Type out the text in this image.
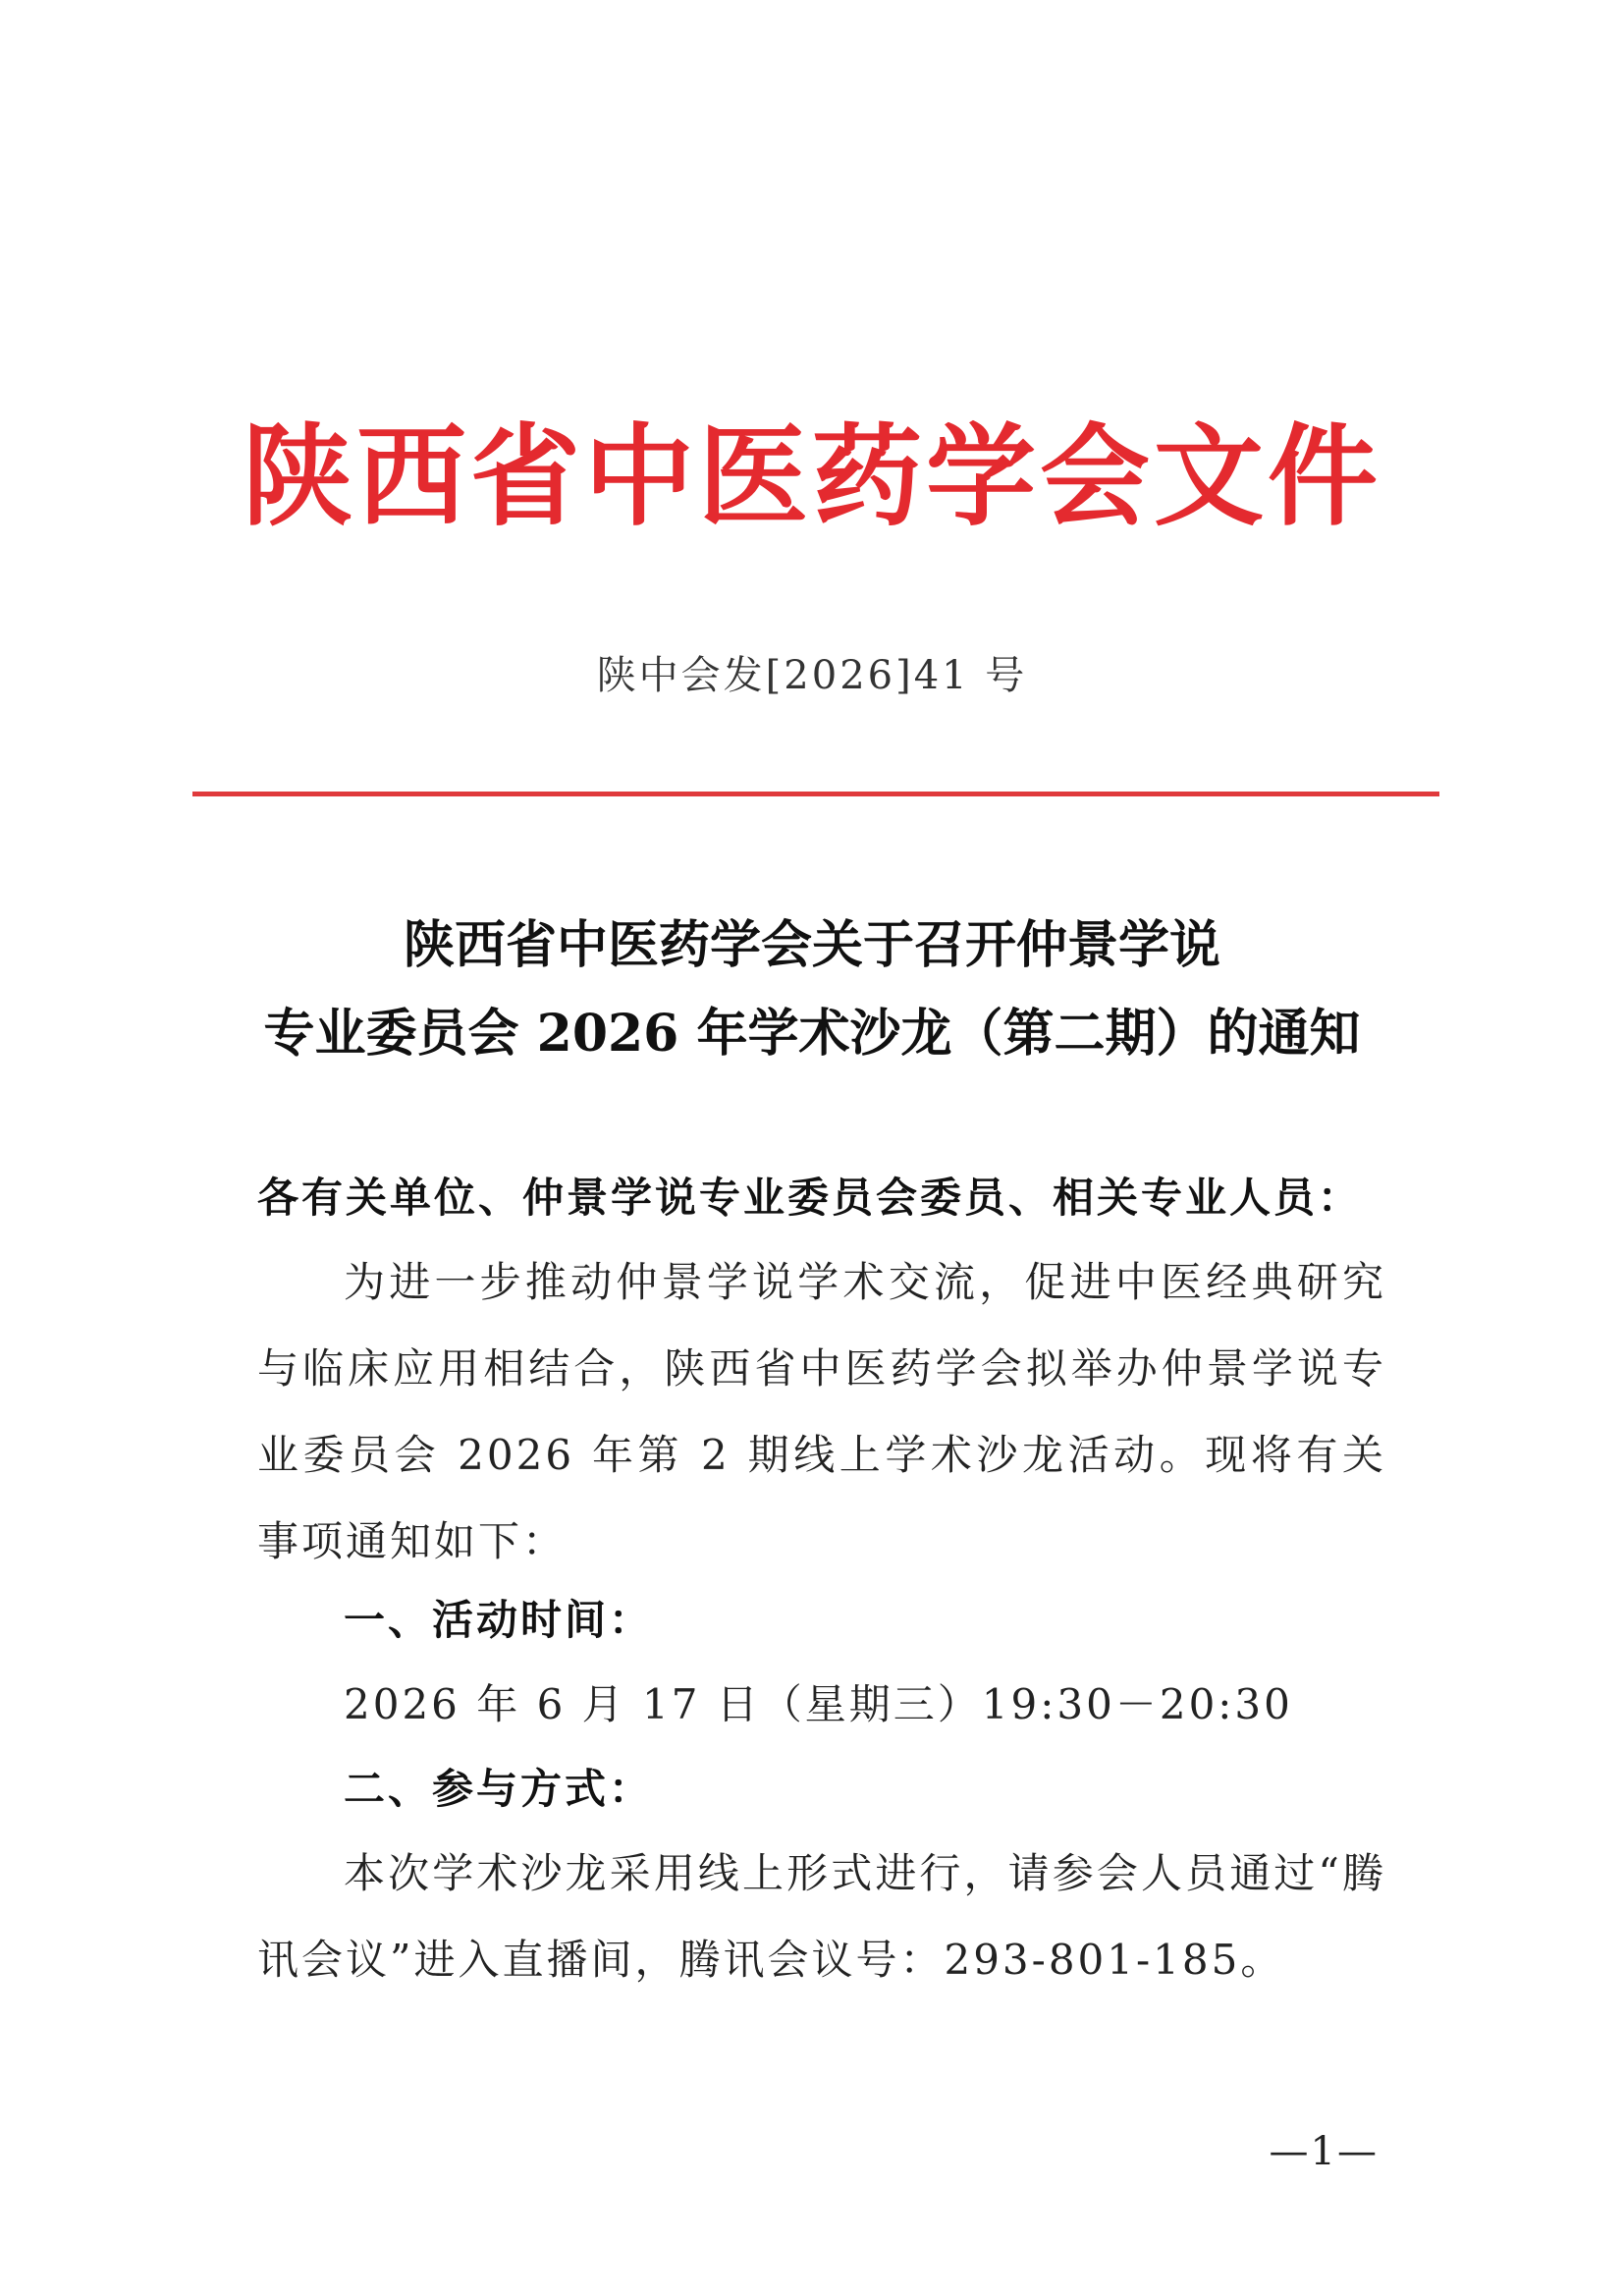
陕西省中医药学会文件
陕中会发[2026]41 号
陕西省中医药学会关于召开仲景学说
专业委员会 2026 年学术沙龙（第二期）的通知
各有关单位、仲景学说专业委员会委员、相关专业人员：
为进一步推动仲景学说学术交流，促进中医经典研究与临床应用相结合，陕西省中医药学会拟举办仲景学说专业委员会 2026 年第 2 期线上学术沙龙活动。现将有关事项通知如下：
一、活动时间：
2026 年 6 月 17 日（星期三）19:30－20:30
二、参与方式：
本次学术沙龙采用线上形式进行，请参会人员通过“腾讯会议”进入直播间，腾讯会议号：293-801-185。
—1—
